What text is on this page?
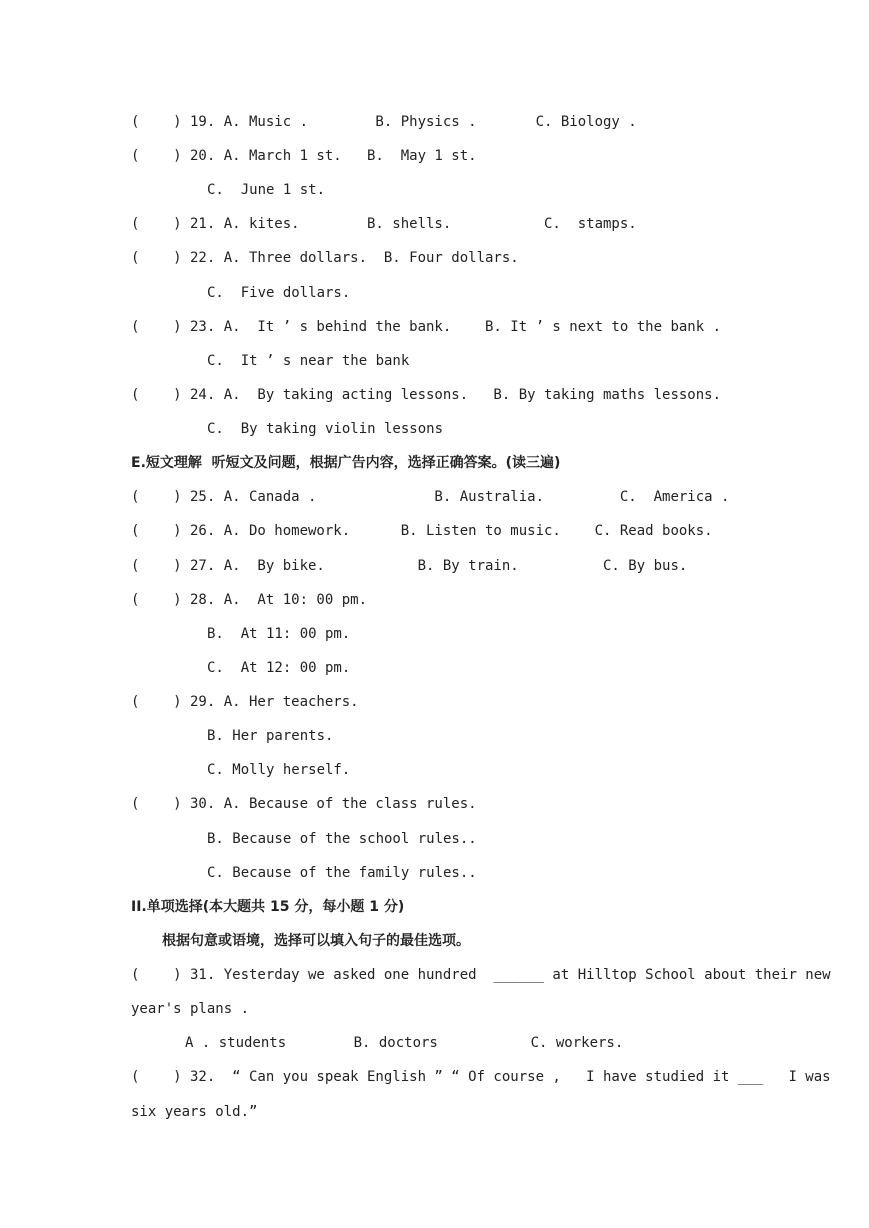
(    ) 19. A. Music .        B. Physics .       C. Biology .
(    ) 20. A. March 1 st.   B.  May 1 st.
C.  June 1 st.
(    ) 21. A. kites.        B. shells.           C.  stamps.
(    ) 22. A. Three dollars.  B. Four dollars.
C.  Five dollars.
(    ) 23. A.  It ’ s behind the bank.    B. It ’ s next to the bank .
C.  It ’ s near the bank
(    ) 24. A.  By taking acting lessons.   B. By taking maths lessons.
C.  By taking violin lessons
E.短文理解  听短文及问题，根据广告内容，选择正确答案。(读三遍)
(    ) 25. A. Canada .              B. Australia.         C.  America .
(    ) 26. A. Do homework.      B. Listen to music.    C. Read books.
(    ) 27. A.  By bike.           B. By train.          C. By bus.
(    ) 28. A.  At 10: 00 pm.
B.  At 11: 00 pm.
C.  At 12: 00 pm.
(    ) 29. A. Her teachers.
B. Her parents.
C. Molly herself.
(    ) 30. A. Because of the class rules.
B. Because of the school rules..
C. Because of the family rules..
II.单项选择(本大题共 15 分，每小题 1 分)
根据句意或语境，选择可以填入句子的最佳选项。
(    ) 31. Yesterday we asked one hundred  ______ at Hilltop School about their new
year's plans .
A . students        B. doctors           C. workers.
(    ) 32.  “ Can you speak English ” “ Of course ,   I have studied it ___   I was
six years old.”
